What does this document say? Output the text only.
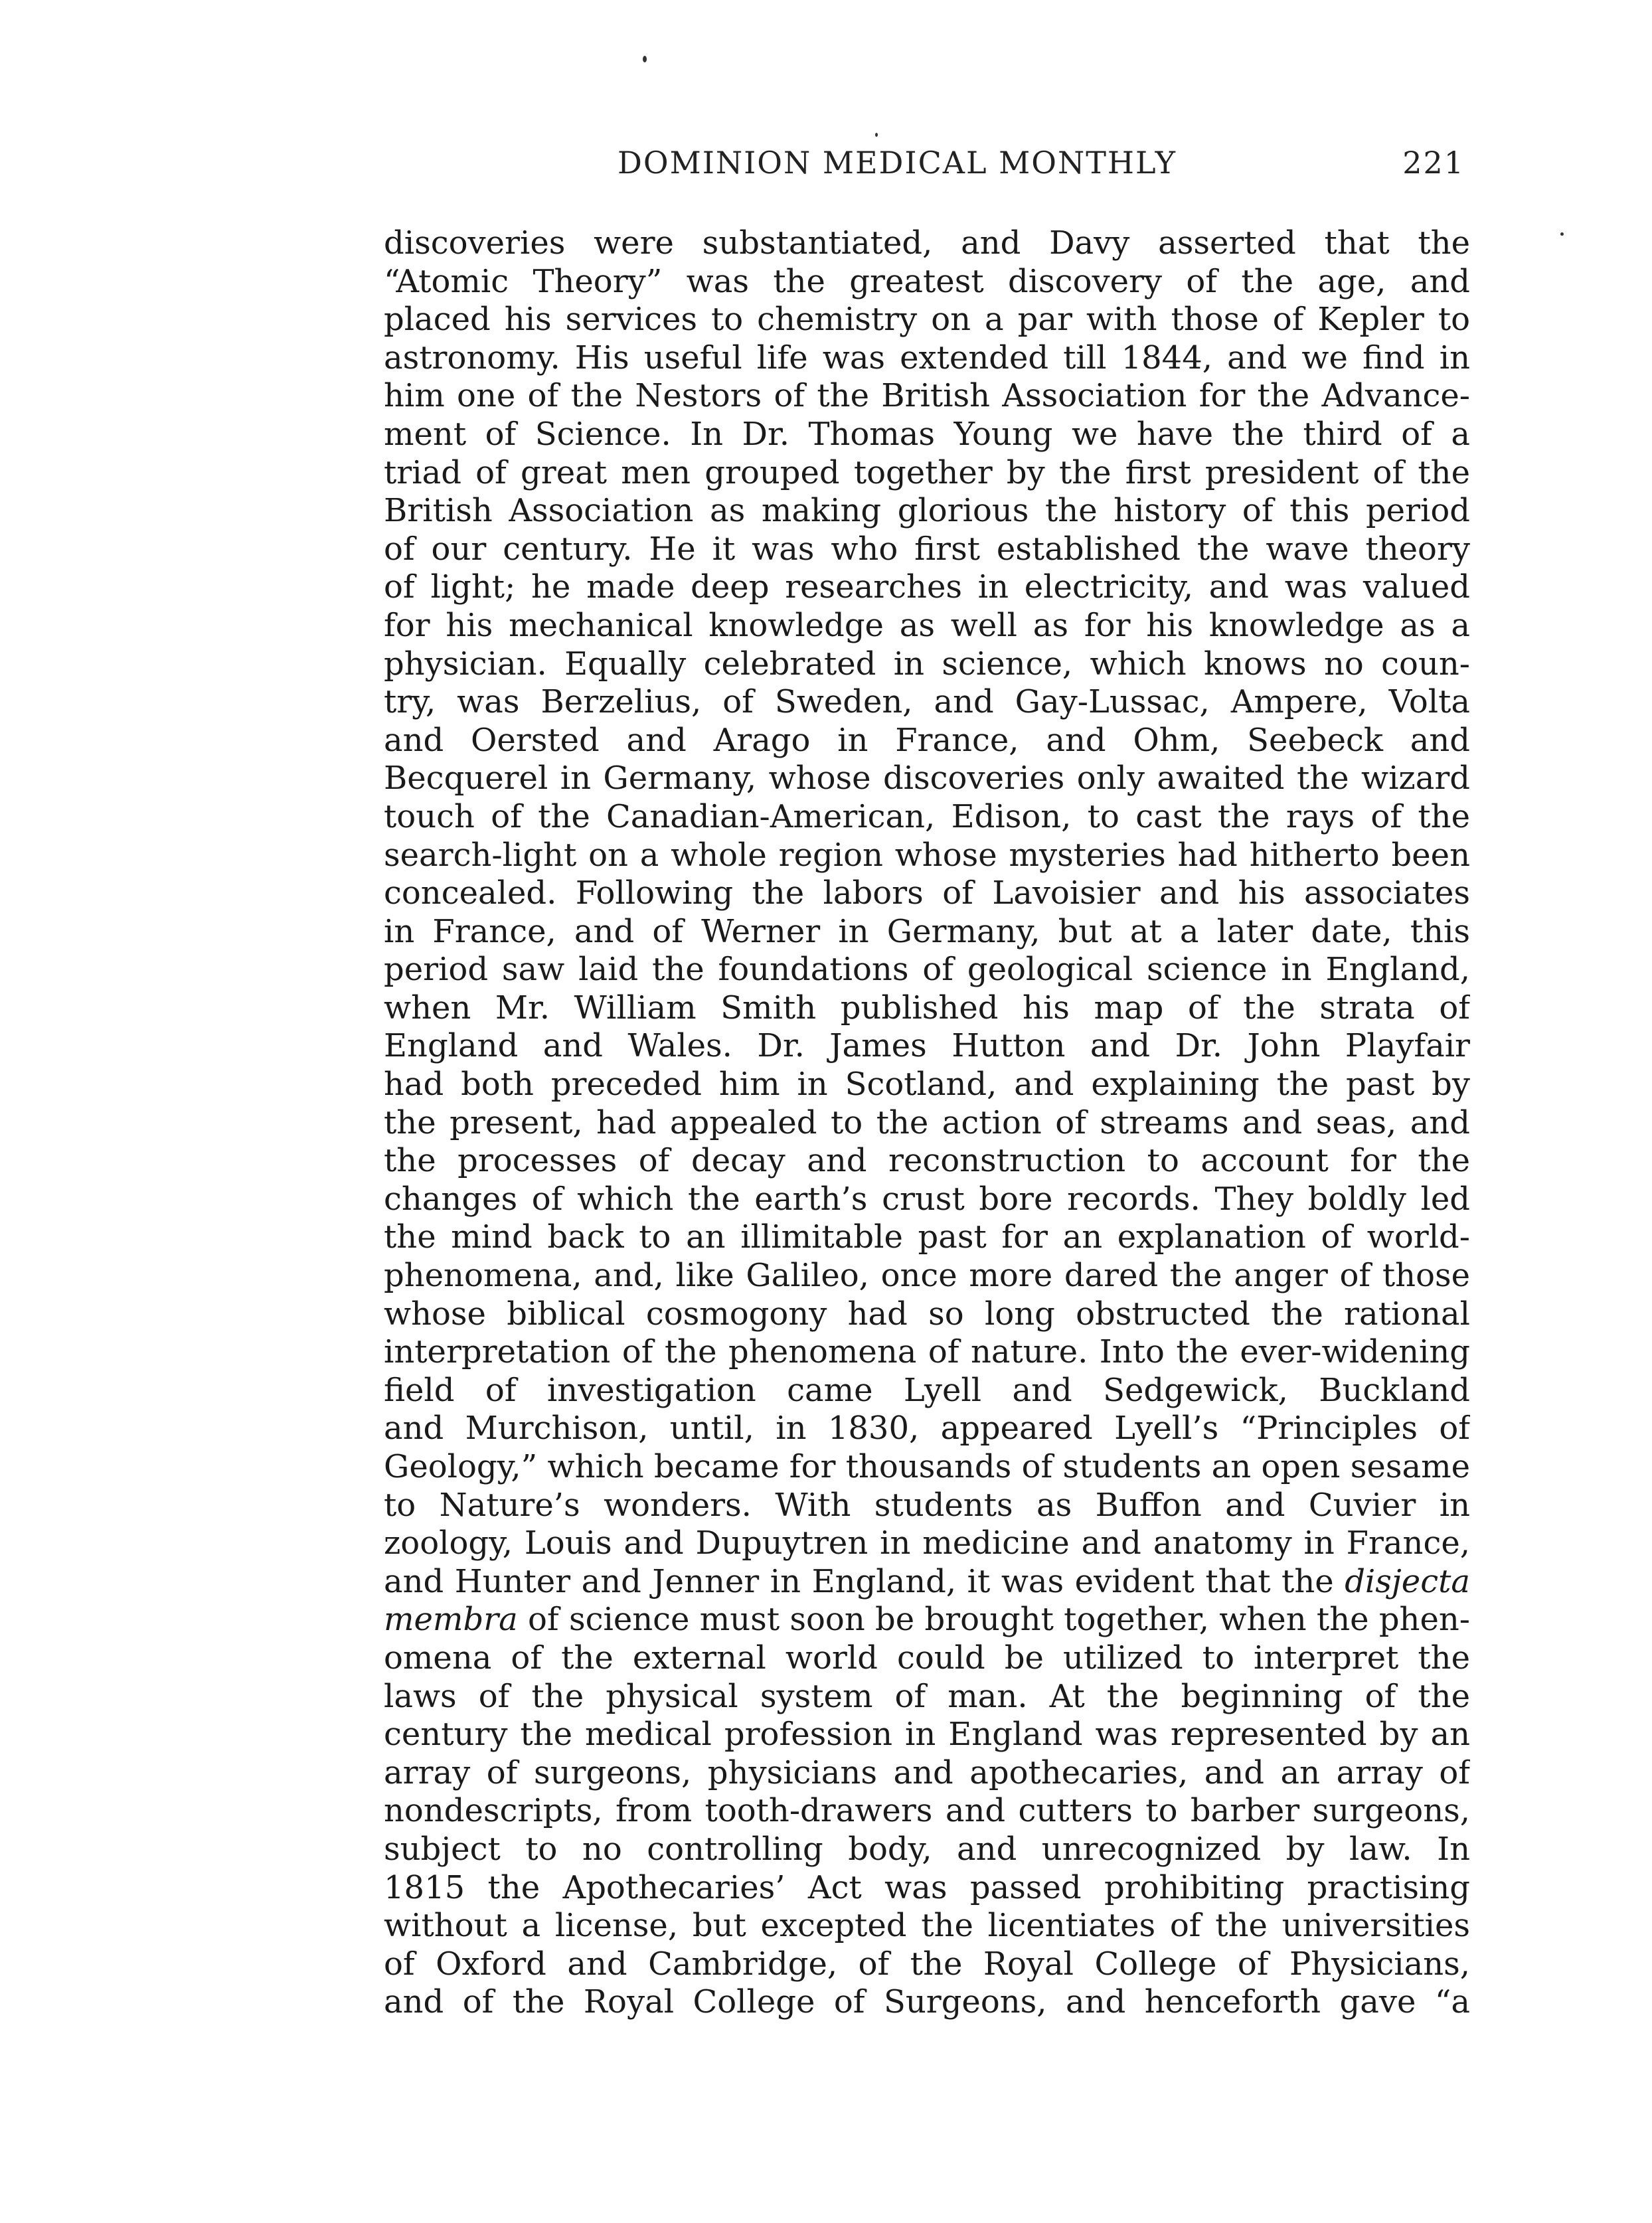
DOMINION MEDICAL MONTHLY	221
discoveries were substantiated, and Davy asserted that the
“Atomic Theory” was the greatest discovery of the age, and
placed his services to chemistry on a par with those of Kepler to
astronomy. His useful life was extended till 1844, and we find in
him one of the Nestors of the British Association for the Advance-
ment of Science. In Dr. Thomas Young we have the third of a
triad of great men grouped together by the first president of the
British Association as making glorious the history of this period
of our century. He it was who first established the wave theory
of light; he made deep researches in electricity, and was valued
for his mechanical knowledge as well as for his knowledge as a
physician. Equally celebrated in science, which knows no coun-
try, was Berzelius, of Sweden, and Gay-Lussac, Ampere, Volta
and Oersted and Arago in France, and Ohm, Seebeck and
Becquerel in Germany, whose discoveries only awaited the wizard
touch of the Canadian-American, Edison, to cast the rays of the
search-light on a whole region whose mysteries had hitherto been
concealed. Following the labors of Lavoisier and his associates
in France, and of Werner in Germany, but at a later date, this
period saw laid the foundations of geological science in England,
when Mr. William Smith published his map of the strata of
England and Wales. Dr. James Hutton and Dr. John Playfair
had both preceded him in Scotland, and explaining the past by
the present, had appealed to the action of streams and seas, and
the processes of decay and reconstruction to account for the
changes of which the earth’s crust bore records. They boldly led
the mind back to an illimitable past for an explanation of world-
phenomena, and, like Galileo, once more dared the anger of those
whose biblical cosmogony had so long obstructed the rational
interpretation of the phenomena of nature. Into the ever-widening
field of investigation came Lyell and Sedgewick, Buckland
and Murchison, until, in 1830, appeared Lyell’s “Principles of
Geology,” which became for thousands of students an open sesame
to Nature’s wonders. With students as Buffon and Cuvier in
zoology, Louis and Dupuytren in medicine and anatomy in France,
and Hunter and Jenner in England, it was evident that the disjecta
membra of science must soon be brought together, when the phen-
omena of the external world could be utilized to interpret the
laws of the physical system of man. At the beginning of the
century the medical profession in England was represented by an
array of surgeons, physicians and apothecaries, and an array of
nondescripts, from tooth-drawers and cutters to barber surgeons,
subject to no controlling body, and unrecognized by law. In
1815 the Apothecaries’ Act was passed prohibiting practising
without a license, but excepted the licentiates of the universities
of Oxford and Cambridge, of the Royal College of Physicians,
and of the Royal College of Surgeons, and henceforth gave “a
